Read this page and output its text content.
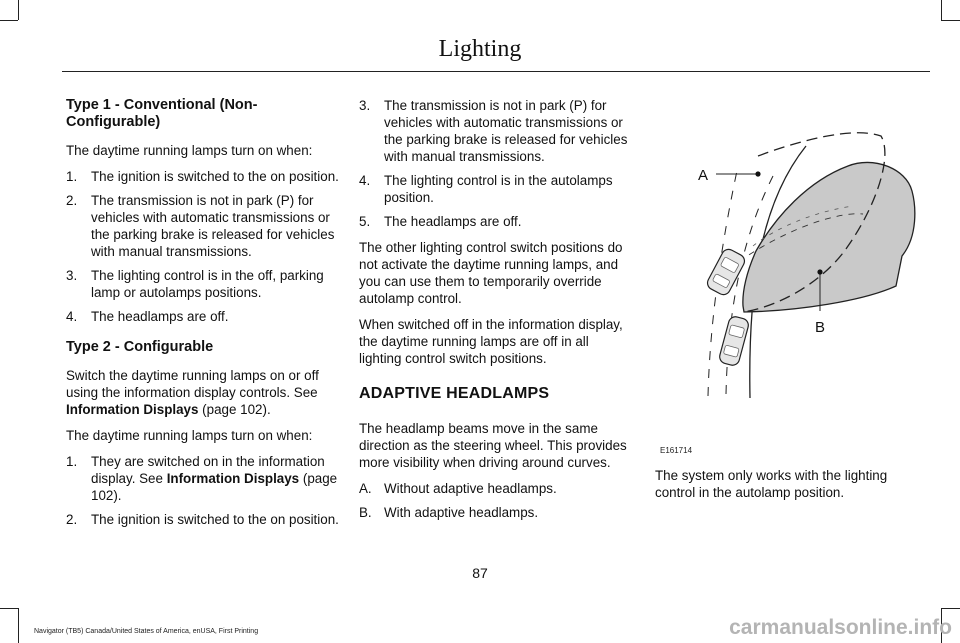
Lighting
Type 1 - Conventional (Non-Configurable)

The daytime running lamps turn on when:

1.	The ignition is switched to the on position.
2.	The transmission is not in park (P) for vehicles with automatic transmissions or the parking brake is released for vehicles with manual transmissions.
3.	The lighting control is in the off, parking lamp or autolamps positions.
4.	The headlamps are off.
Type 2 - Configurable

Switch the daytime running lamps on or off using the information display controls. See Information Displays (page 102).

The daytime running lamps turn on when:

1.	They are switched on in the information display. See Information Displays (page 102).
2.	The ignition is switched to the on position.
3.	The transmission is not in park (P) for vehicles with automatic transmissions or the parking brake is released for vehicles with manual transmissions.
4.	The lighting control is in the autolamps position.
5.	The headlamps are off.

The other lighting control switch positions do not activate the daytime running lamps, and you can use them to temporarily override autolamp control.

When switched off in the information display, the daytime running lamps are off in all lighting control switch positions.

ADAPTIVE HEADLAMPS

The headlamp beams move in the same direction as the steering wheel. This provides more visibility when driving around curves.

A. Without adaptive headlamps.
B. With adaptive headlamps.
A
B
E161714
The system only works with the lighting control in the autolamp position.
87
Navigator (TB5) Canada/United States of America, enUSA, First Printing	carmanualsonline.info
